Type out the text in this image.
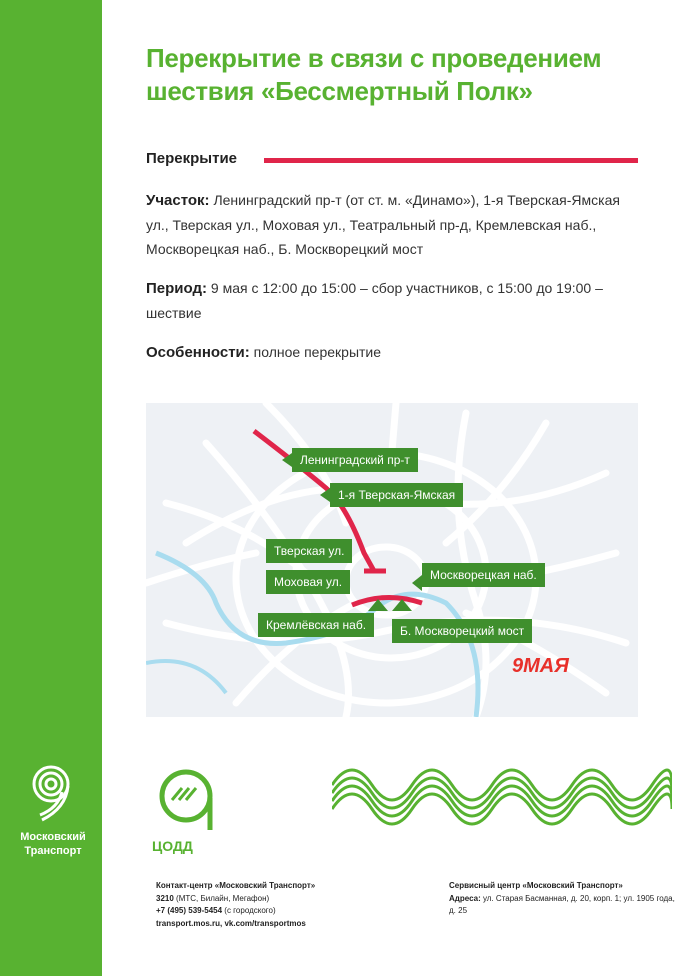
Московский Транспорт
Перекрытие в связи с проведением шествия «Бессмертный Полк»
Перекрытие

Участок: Ленинградский пр-т (от ст. м. «Динамо»), 1-я Тверская-Ямская ул., Тверская ул., Моховая ул., Театральный пр-д, Кремлевская наб., Москворецкая наб., Б. Москворецкий мост

Период: 9 мая с 12:00 до 15:00 – сбор участников, с 15:00 до 19:00 – шествие

Особенности: полное перекрытие

Ленинградский пр-т
1-я Тверская-Ямская
Тверская ул.
Моховая ул.	Москворецкая наб.
Кремлёвская наб.	Б. Москворецкий мост
9МАЯ
ЦОДД
Контакт-центр «Московский Транспорт»
3210 (МТС, Билайн, Мегафон)
+7 (495) 539-5454 (с городского)
transport.mos.ru, vk.com/transportmos
Сервисный центр «Московский Транспорт»
Адреса: ул. Старая Басманная, д. 20, корп. 1; ул. 1905 года, д. 25
